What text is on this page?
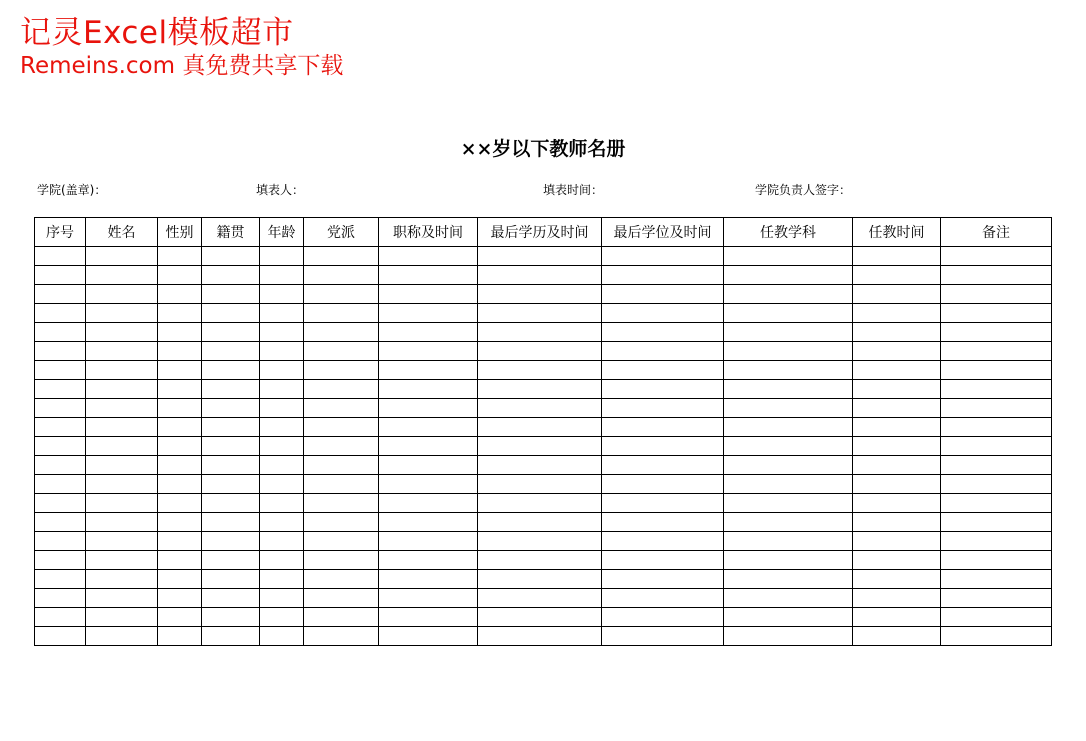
记灵Excel模板超市
Remeins.com 真免费共享下载
××岁以下教师名册
学院(盖章)：	填表人：	填表时间：	学院负责人签字：
序号	姓名	性别	籍贯	年龄	党派	职称及时间	最后学历及时间	最后学位及时间	任教学科	任教时间	备注
